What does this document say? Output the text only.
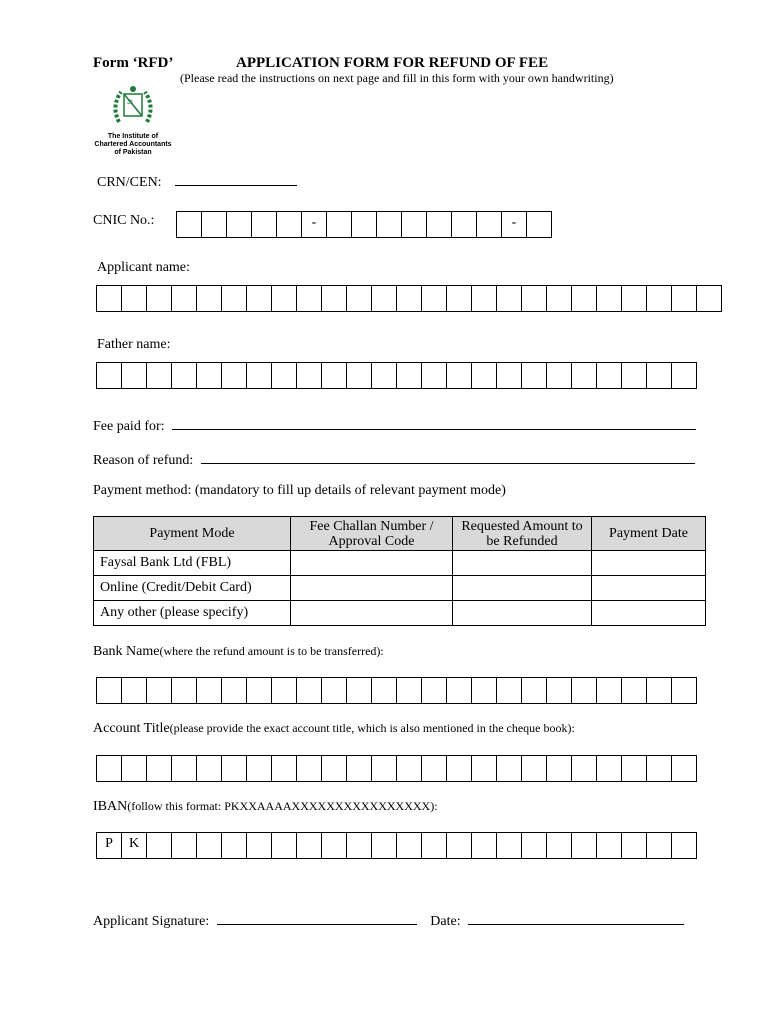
Form ‘RFD’	APPLICATION FORM FOR REFUND OF FEE
(Please read the instructions on next page and fill in this form with your own handwriting)
⚖
The Institute of
Chartered Accountants
of Pakistan
CRN/CEN:
CNIC No.:	-	-
Applicant name:
Father name:
Fee paid for:
Reason of refund:
Payment method: (mandatory to fill up details of relevant payment mode)
Payment Mode	Fee Challan Number / Approval Code	Requested Amount to be Refunded	Payment Date
Faysal Bank Ltd (FBL)			
Online (Credit/Debit Card)			
Any other (please specify)			
Bank Name(where the refund amount is to be transferred):
Account Title(please provide the exact account title, which is also mentioned in the cheque book):
IBAN(follow this format: PKXXAAAAXXXXXXXXXXXXXXXX):
P	K
Applicant Signature:	Date:
